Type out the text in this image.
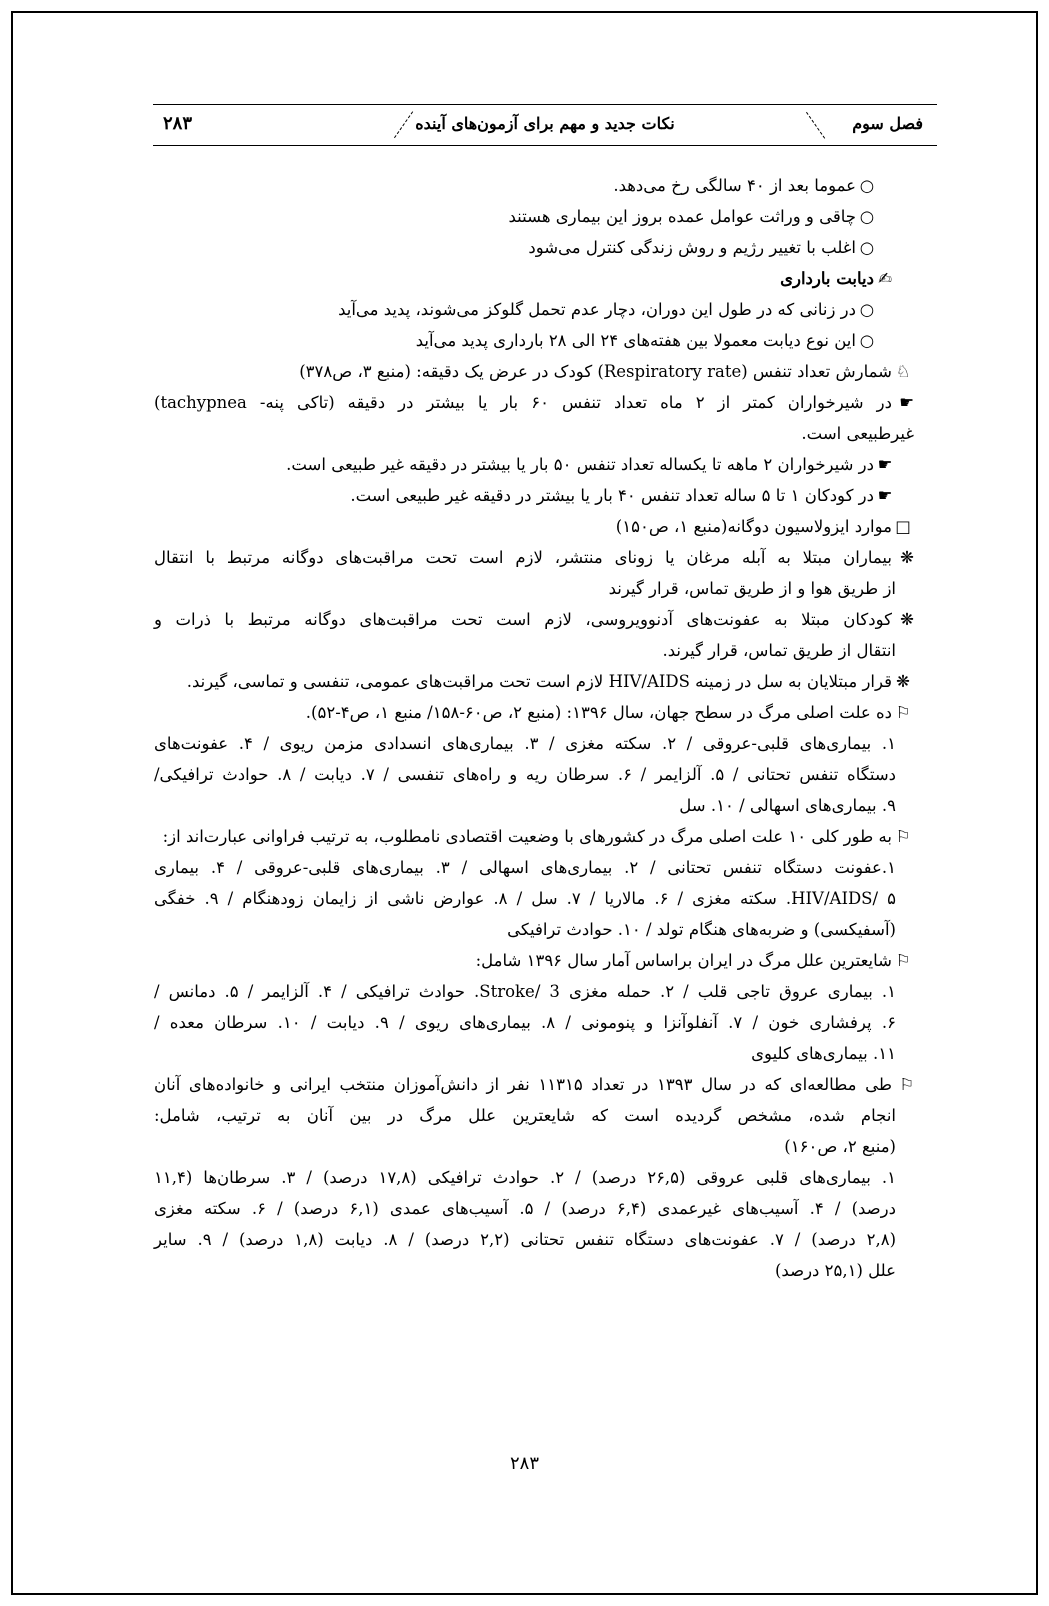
فصل سوم
نکات جدید و مهم برای آزمون‌های آینده
۲۸۳
○عموما بعد از ۴۰ سالگی رخ می‌دهد.
○چاقی و وراثت عوامل عمده بروز این بیماری هستند
○اغلب با تغییر رژیم و روش زندگی کنترل می‌شود
✍دیابت بارداری
○در زنانی که در طول این دوران، دچار عدم تحمل گلوکز می‌شوند، پدید می‌آید
○این نوع دیابت معمولا بین هفته‌های ۲۴ الی ۲۸ بارداری پدید می‌آید
♘شمارش تعداد تنفس (Respiratory rate) کودک در عرض یک دقیقه: (منبع ۳، ص۳۷۸)
☛در شیرخواران کمتر از ۲ ماه تعداد تنفس ۶۰ بار یا بیشتر در دقیقه (تاکی پنه- tachypnea)
غیرطبیعی است.
☛در شیرخواران ۲ ماهه تا یکساله تعداد تنفس ۵۰ بار یا بیشتر در دقیقه غیر طبیعی است.
☛در کودکان ۱ تا ۵ ساله تعداد تنفس ۴۰ بار یا بیشتر در دقیقه غیر طبیعی است.
□موارد ایزولاسیون دوگانه(منبع ۱، ص۱۵۰)
❋بیماران مبتلا به آبله مرغان یا زونای منتشر، لازم است تحت مراقبت‌های دوگانه مرتبط با انتقال
از طریق هوا و از طریق تماس، قرار گیرند
❋کودکان مبتلا به عفونت‌های آدنوویروسی، لازم است تحت مراقبت‌های دوگانه مرتبط با ذرات و
انتقال از طریق تماس، قرار گیرند.
❋قرار مبتلایان به سل در زمینه HIV/AIDS لازم است تحت مراقبت‌های عمومی، تنفسی و تماسی، گیرند.
⚐ده علت اصلی مرگ در سطح جهان، سال ۱۳۹۶: (منبع ۲، ص۶۰-۱۵۸/ منبع ۱، ص۴-۵۲).
۱. بیماری‌های قلبی-عروقی / ۲. سکته مغزی / ۳. بیماری‌های انسدادی مزمن ریوی / ۴. عفونت‌های
دستگاه تنفس تحتانی / ۵. آلزایمر / ۶. سرطان ریه و راه‌های تنفسی / ۷. دیابت / ۸. حوادث ترافیکی/
۹. بیماری‌های اسهالی / ۱۰. سل
⚐به طور کلی ۱۰ علت اصلی مرگ در کشورهای با وضعیت اقتصادی نامطلوب، به ترتیب فراوانی عبارت‌اند از:
۱.عفونت دستگاه تنفس تحتانی / ۲. بیماری‌های اسهالی / ۳. بیماری‌های قلبی-عروقی / ۴. بیماری
HIV/AIDS/ ۵. سکته مغزی / ۶. مالاریا / ۷. سل / ۸. عوارض ناشی از زایمان زودهنگام / ۹. خفگی
(آسفیکسی) و ضربه‌های هنگام تولد / ۱۰. حوادث ترافیکی
⚐شایعترین علل مرگ در ایران براساس آمار سال ۱۳۹۶ شامل:
۱. بیماری عروق تاجی قلب / ۲. حمله مغزی Stroke/ 3. حوادث ترافیکی / ۴. آلزایمر / ۵. دمانس /
۶. پرفشاری خون / ۷. آنفلوآنزا و پنومونی / ۸. بیماری‌های ریوی / ۹. دیابت / ۱۰. سرطان معده /
۱۱. بیماری‌های کلیوی
⚐طی مطالعه‌ای که در سال ۱۳۹۳ در تعداد ۱۱۳۱۵ نفر از دانش‌آموزان منتخب ایرانی و خانواده‌های آنان
انجام شده، مشخص گردیده است که شایعترین علل مرگ در بین آنان به ترتیب، شامل:
(منبع ۲، ص۱۶۰)
۱. بیماری‌های قلبی عروقی (۲۶,۵ درصد) / ۲. حوادث ترافیکی (۱۷,۸ درصد) / ۳. سرطان‌ها (۱۱,۴
درصد) / ۴. آسیب‌های غیرعمدی (۶,۴ درصد) / ۵. آسیب‌های عمدی (۶,۱ درصد) / ۶. سکته مغزی
(۲,۸ درصد) / ۷. عفونت‌های دستگاه تنفس تحتانی (۲,۲ درصد) / ۸. دیابت (۱,۸ درصد) / ۹. سایر
علل (۲۵,۱ درصد)
۲۸۳
